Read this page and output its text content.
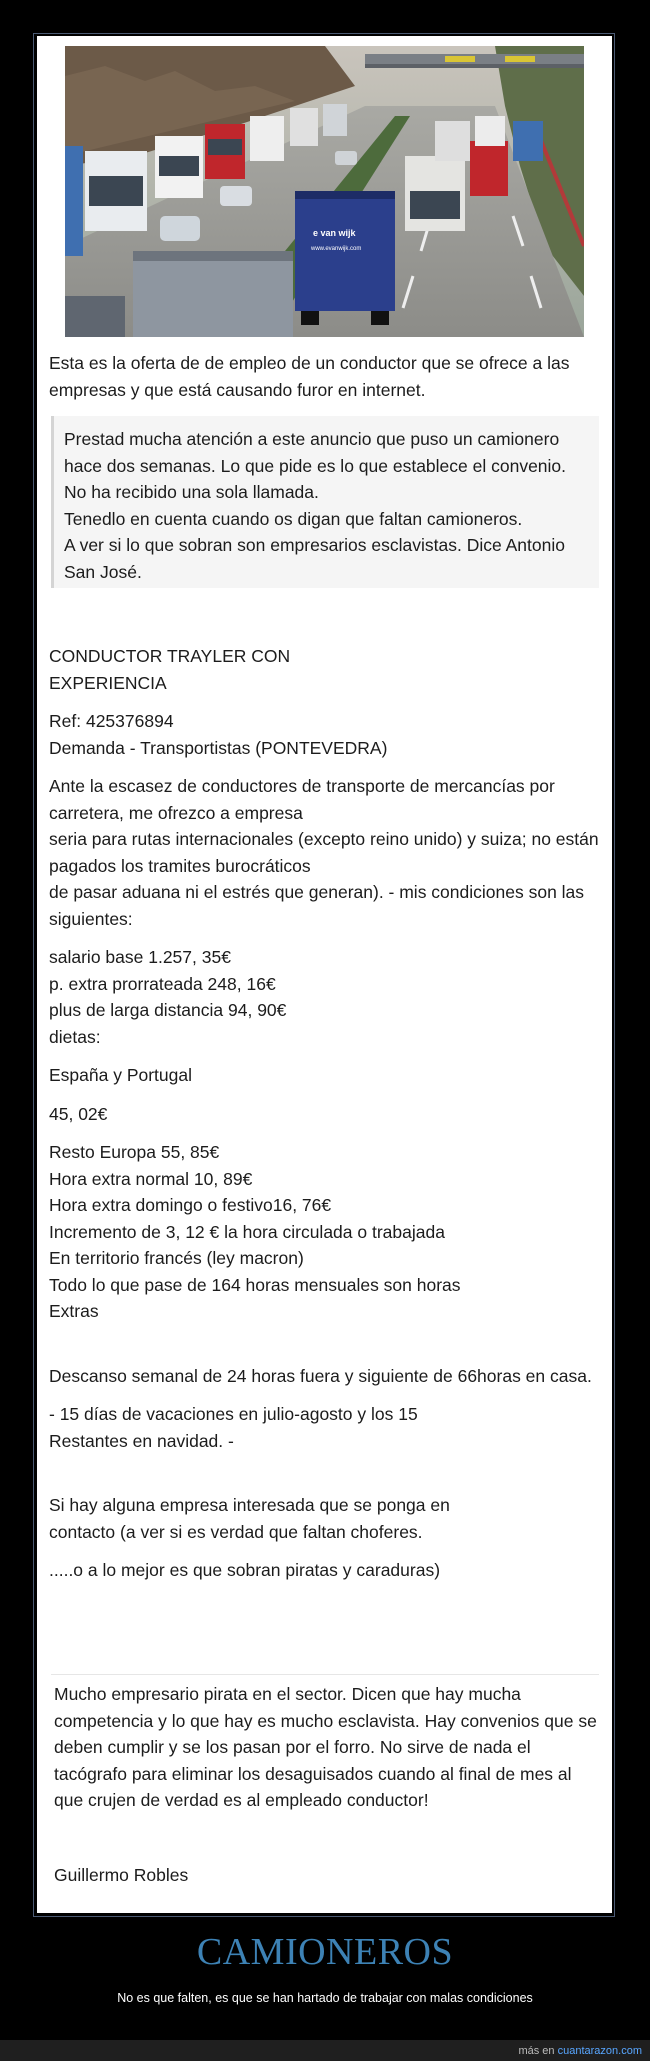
e van wijk
www.evanwijk.com

Esta es la oferta de de empleo de un conductor que se ofrece a las empresas y que está causando furor en internet.

Prestad mucha atención a este anuncio que puso un camionero hace dos semanas. Lo que pide es lo que establece el convenio.
No ha recibido una sola llamada.
Tenedlo en cuenta cuando os digan que faltan camioneros.
A ver si lo que sobran son empresarios esclavistas. Dice Antonio San José.

CONDUCTOR TRAYLER CON
EXPERIENCIA

Ref: 425376894
Demanda - Transportistas (PONTEVEDRA)

Ante la escasez de conductores de transporte de mercancías por carretera, me ofrezco a empresa
seria para rutas internacionales (excepto reino unido) y suiza; no están pagados los tramites burocráticos
de pasar aduana ni el estrés que generan). - mis condiciones son las siguientes:

salario base 1.257, 35€
p. extra prorrateada 248, 16€
plus de larga distancia 94, 90€
dietas:

España y Portugal

45, 02€

Resto Europa 55, 85€
Hora extra normal 10, 89€
Hora extra domingo o festivo16, 76€
Incremento de 3, 12 € la hora circulada o trabajada
En territorio francés (ley macron)
Todo lo que pase de 164 horas mensuales son horas
Extras

Descanso semanal de 24 horas fuera y siguiente de 66horas en casa.

- 15 días de vacaciones en julio-agosto y los 15
Restantes en navidad. -

Si hay alguna empresa interesada que se ponga en
contacto (a ver si es verdad que faltan choferes.

.....o a lo mejor es que sobran piratas y caraduras)

Mucho empresario pirata en el sector. Dicen que hay mucha competencia y lo que hay es mucho esclavista. Hay convenios que se deben cumplir y se los pasan por el forro. No sirve de nada el tacógrafo para eliminar los desaguisados cuando al final de mes al que crujen de verdad es al empleado conductor!

Guillermo Robles

CAMIONEROS
No es que falten, es que se han hartado de trabajar con malas condiciones
más en cuantarazon.com
